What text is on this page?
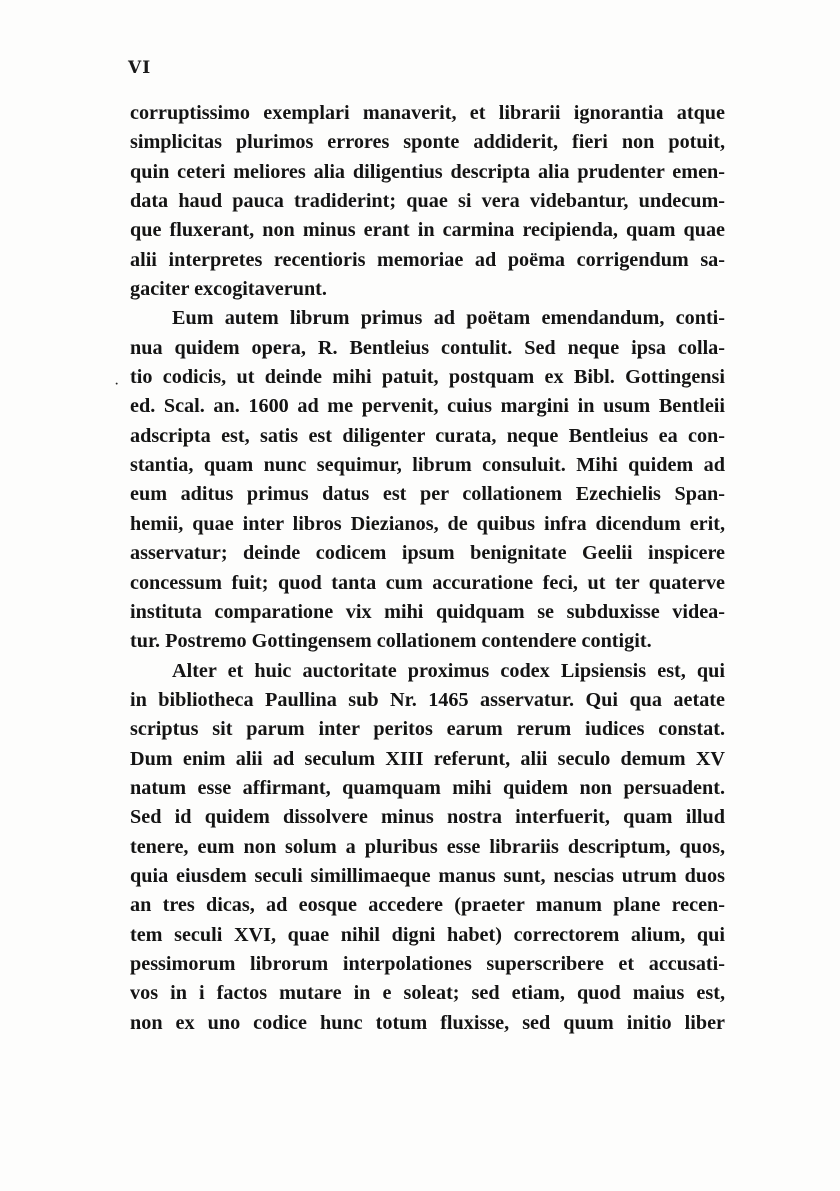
VI
·
corruptissimo exemplari manaverit, et librarii ignorantia atque
simplicitas plurimos errores sponte addiderit, fieri non potuit,
quin ceteri meliores alia diligentius descripta alia prudenter emen-
data haud pauca tradiderint; quae si vera videbantur, undecum-
que fluxerant, non minus erant in carmina recipienda, quam quae
alii interpretes recentioris memoriae ad poëma corrigendum sa-
gaciter excogitaverunt.
Eum autem librum primus ad poëtam emendandum, conti-
nua quidem opera, R. Bentleius contulit. Sed neque ipsa colla-
tio codicis, ut deinde mihi patuit, postquam ex Bibl. Gottingensi
ed. Scal. an. 1600 ad me pervenit, cuius margini in usum Bentleii
adscripta est, satis est diligenter curata, neque Bentleius ea con-
stantia, quam nunc sequimur, librum consuluit. Mihi quidem ad
eum aditus primus datus est per collationem Ezechielis Span-
hemii, quae inter libros Diezianos, de quibus infra dicendum erit,
asservatur; deinde codicem ipsum benignitate Geelii inspicere
concessum fuit; quod tanta cum accuratione feci, ut ter quaterve
instituta comparatione vix mihi quidquam se subduxisse videa-
tur. Postremo Gottingensem collationem contendere contigit.
Alter et huic auctoritate proximus codex Lipsiensis est, qui
in bibliotheca Paullina sub Nr. 1465 asservatur. Qui qua aetate
scriptus sit parum inter peritos earum rerum iudices constat.
Dum enim alii ad seculum XIII referunt, alii seculo demum XV
natum esse affirmant, quamquam mihi quidem non persuadent.
Sed id quidem dissolvere minus nostra interfuerit, quam illud
tenere, eum non solum a pluribus esse librariis descriptum, quos,
quia eiusdem seculi simillimaeque manus sunt, nescias utrum duos
an tres dicas, ad eosque accedere (praeter manum plane recen-
tem seculi XVI, quae nihil digni habet) correctorem alium, qui
pessimorum librorum interpolationes superscribere et accusati-
vos in i factos mutare in e soleat; sed etiam, quod maius est,
non ex uno codice hunc totum fluxisse, sed quum initio liber
